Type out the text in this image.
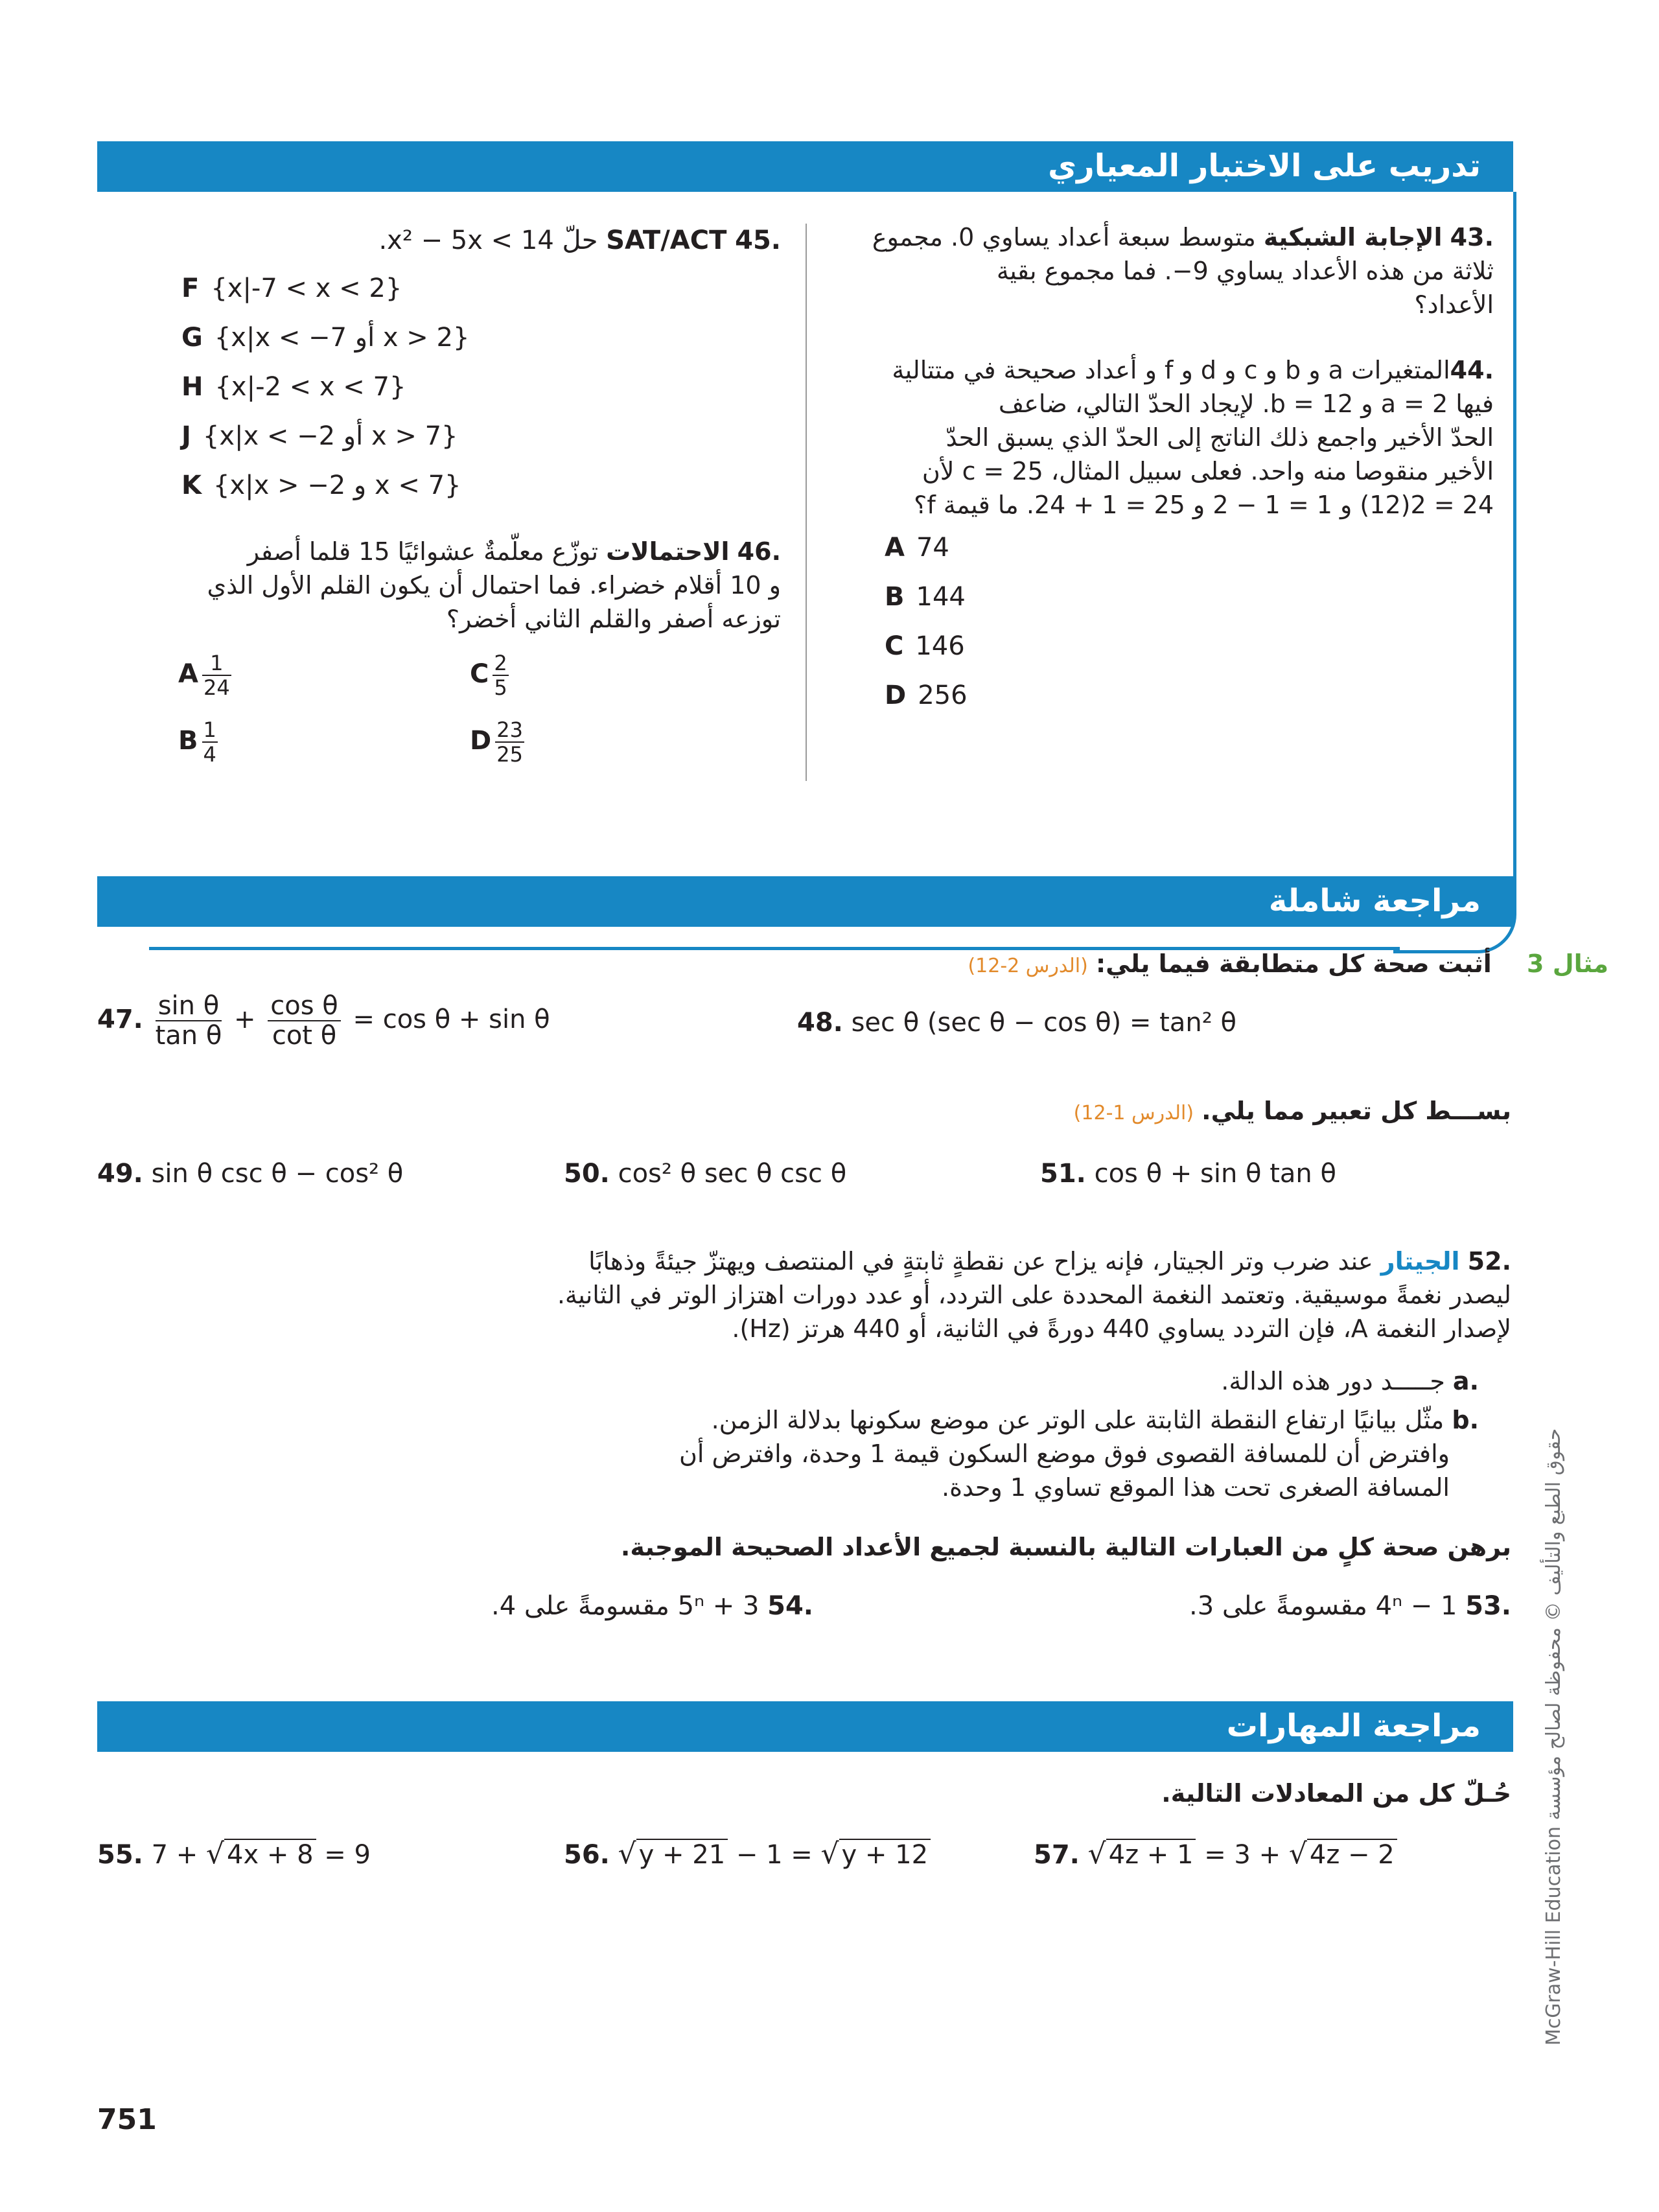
تدريب على الاختبار المعياري
.43 الإجابة الشبكية متوسط سبعة أعداد يساوي 0. مجموع
ثلاثة من هذه الأعداد يساوي 9−. فما مجموع بقية
الأعداد؟
.44المتغيرات a و b و c و d و f و أعداد صحيحة في متتالية
فيها 2 = a و 12 = b. لإيجاد الحدّ التالي، ضاعف
الحدّ الأخير واجمع ذلك الناتج إلى الحدّ الذي يسبق الحدّ
الأخير منقوصا منه واحد. فعلى سبيل المثال، 25 = c لأن
24 = 2(12) و 1 = 1 − 2 و 25 = 1 + 24. ما قيمة f؟
A 74
B 144
C 146
D 256
.45 SAT/ACT حلّ 14 > x² − 5x.
F {x|-7 < x < 2}
G {x|x < −7 أو x > 2}
H {x|-2 < x < 7}
J {x|x < −2 أو x > 7}
K {x|x > −2 و x < 7}
.46 الاحتمالات توزّع معلّمةٌ عشوائيًا 15 قلما أصفر
و 10 أقلام خضراء. فما احتمال أن يكون القلم الأول الذي
توزعه أصفر والقلم الثاني أخضر؟
A $\frac{1}{24}$
B $\frac{1}{4}$
C $\frac{2}{5}$
D $\frac{23}{25}$
مراجعة شاملة
مثال 3  أثبت صحة كل متطابقة فيما يلي: (الدرس 2-12)
47. $\frac{\text{sin θ}}{\text{tan θ}} + \frac{\text{cos θ}}{\text{cot θ}} = \cos \theta + \sin \theta$	48. sec θ (sec θ − cos θ) = tan² θ
بســـط كل تعبير مما يلي. (الدرس 1-12)
49. sin θ csc θ − cos² θ	50. cos² θ sec θ csc θ	51. cos θ + sin θ tan θ
.52 الجيتار عند ضرب وتر الجيتار، فإنه يزاح عن نقطةٍ ثابتةٍ في المنتصف ويهتزّ جيئةً وذهابًا
ليصدر نغمةً موسيقية. وتعتمد النغمة المحددة على التردد، أو عدد دورات اهتزاز الوتر في الثانية.
لإصدار النغمة A، فإن التردد يساوي 440 دورةً في الثانية، أو 440 هرتز (Hz).
.a جـــــد دور هذه الدالة.
.b مثّل بيانيًا ارتفاع النقطة الثابتة على الوتر عن موضع سكونها بدلالة الزمن.
وافترض أن للمسافة القصوى فوق موضع السكون قيمة 1 وحدة، وافترض أن
المسافة الصغرى تحت هذا الموقع تساوي 1 وحدة.
برهن صحة كلٍ من العبارات التالية بالنسبة لجميع الأعداد الصحيحة الموجبة.
.53 4ⁿ − 1 مقسومةً على 3.
.54 5ⁿ + 3 مقسومةً على 4.
مراجعة المهارات
حُـلّ كل من المعادلات التالية.
55. 7 + √ 4x + 8 = 9	56. √ y + 21 − 1 = √ y + 12	57. √ 4z + 1 = 3 + √ 4z − 2	حقوق الطبع والتأليف © محفوظة لصالح مؤسسة McGraw-Hill Education
751
